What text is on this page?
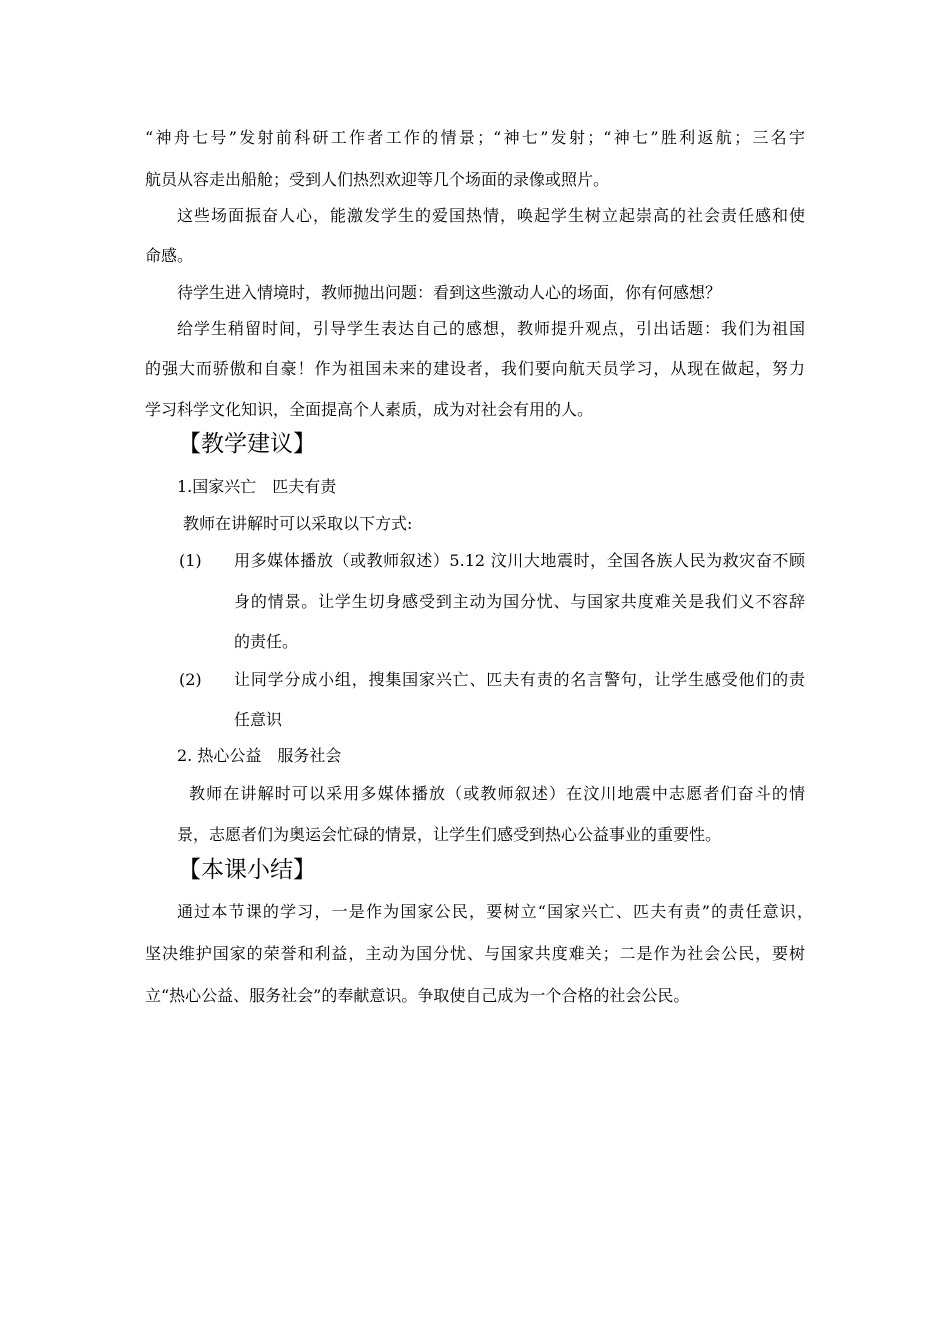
“神舟七号”发射前科研工作者工作的情景；“神七”发射；“神七”胜利返航；三名宇
航员从容走出船舱；受到人们热烈欢迎等几个场面的录像或照片。
这些场面振奋人心，能激发学生的爱国热情，唤起学生树立起崇高的社会责任感和使
命感。
待学生进入情境时，教师抛出问题：看到这些激动人心的场面，你有何感想？
给学生稍留时间，引导学生表达自己的感想，教师提升观点，引出话题：我们为祖国
的强大而骄傲和自豪！作为祖国未来的建设者，我们要向航天员学习，从现在做起，努力
学习科学文化知识，全面提高个人素质，成为对社会有用的人。
【教学建议】
1.国家兴亡　匹夫有责
教师在讲解时可以采取以下方式:
(1) 用多媒体播放（或教师叙述）5.12 汶川大地震时，全国各族人民为救灾奋不顾
身的情景。让学生切身感受到主动为国分忧、与国家共度难关是我们义不容辞
的责任。
(2) 让同学分成小组，搜集国家兴亡、匹夫有责的名言警句，让学生感受他们的责
任意识
2. 热心公益　服务社会
教师在讲解时可以采用多媒体播放（或教师叙述）在汶川地震中志愿者们奋斗的情
景，志愿者们为奥运会忙碌的情景，让学生们感受到热心公益事业的重要性。
【本课小结】
通过本节课的学习，一是作为国家公民，要树立“国家兴亡、匹夫有责”的责任意识，
坚决维护国家的荣誉和利益，主动为国分忧、与国家共度难关；二是作为社会公民，要树
立“热心公益、服务社会”的奉献意识。争取使自己成为一个合格的社会公民。
